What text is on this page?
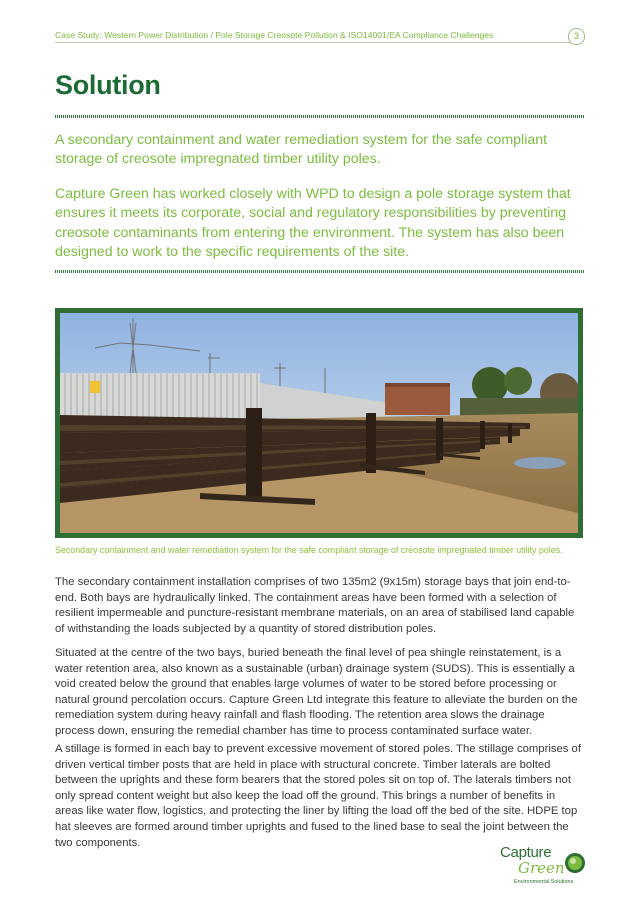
Case Study: Western Power Distribution / Pole Storage Creosote Pollution & ISO14001/EA Compliance Challenges	3
Solution
A secondary containment and water remediation system for the safe compliant storage of creosote impregnated timber utility poles.
Capture Green has worked closely with WPD to design a pole storage system that ensures it meets its corporate, social and regulatory responsibilities by preventing creosote contaminants from entering the environment. The system has also been designed to work to the specific requirements of the site.
Secondary containment and water remediation system for the safe compliant storage of creosote impregnated timber utility poles.

The secondary containment installation comprises of two 135m2 (9x15m) storage bays that join end-to-end. Both bays are hydraulically linked. The containment areas have been formed with a selection of resilient impermeable and puncture-resistant membrane materials, on an area of stabilised land capable of withstanding the loads subjected by a quantity of stored distribution poles.

Situated at the centre of the two bays, buried beneath the final level of pea shingle reinstatement, is a water retention area, also known as a sustainable (urban) drainage system (SUDS). This is essentially a void created below the ground that enables large volumes of water to be stored before processing or natural ground percolation occurs. Capture Green Ltd integrate this feature to alleviate the burden on the remediation system during heavy rainfall and flash flooding. The retention area slows the drainage process down, ensuring the remedial chamber has time to process contaminated surface water.

A stillage is formed in each bay to prevent excessive movement of stored poles. The stillage comprises of driven vertical timber posts that are held in place with structural concrete. Timber laterals are bolted between the uprights and these form bearers that the stored poles sit on top of. The laterals timbers not only spread content weight but also keep the load off the ground. This brings a number of benefits in areas like water flow, logistics, and protecting the liner by lifting the load off the bed of the site. HDPE top hat sleeves are formed around timber uprights and fused to the lined base to seal the joint between the two components.

Capture
Green
Environmental Solutions
